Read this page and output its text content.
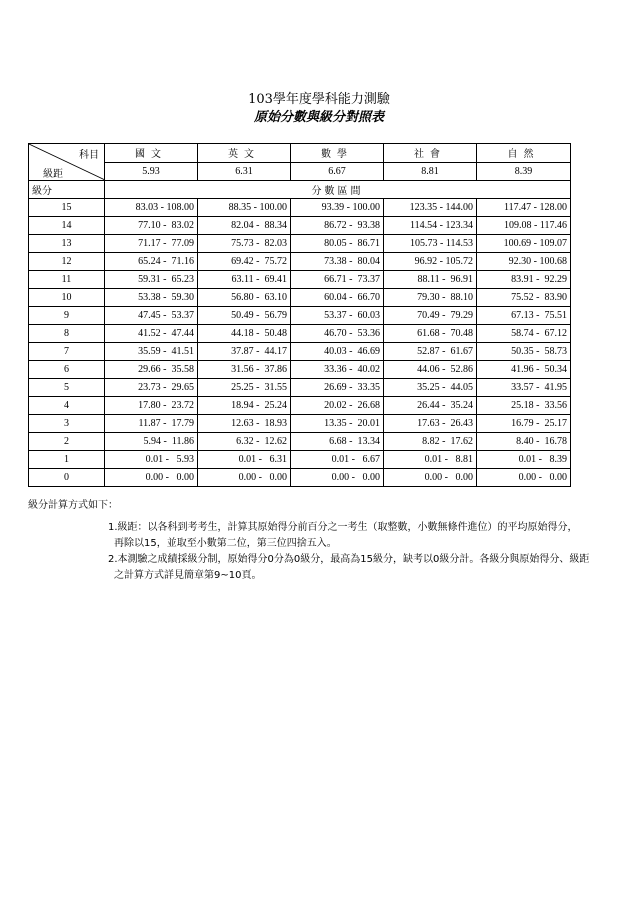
103學年度學科能力測驗
原始分數與級分對照表
科目
級距	國文	英文	數學	社會	自然
	5.93	6.31	6.67	8.81	8.39
級分	分數區間				
15	83.03 - 108.00	88.35 - 100.00	93.39 - 100.00	123.35 - 144.00	117.47 - 128.00
14	77.10 -  83.02	82.04 -  88.34	86.72 -  93.38	114.54 - 123.34	109.08 - 117.46
13	71.17 -  77.09	75.73 -  82.03	80.05 -  86.71	105.73 - 114.53	100.69 - 109.07
12	65.24 -  71.16	69.42 -  75.72	73.38 -  80.04	96.92 - 105.72	92.30 - 100.68
11	59.31 -  65.23	63.11 -  69.41	66.71 -  73.37	88.11 -  96.91	83.91 -  92.29
10	53.38 -  59.30	56.80 -  63.10	60.04 -  66.70	79.30 -  88.10	75.52 -  83.90
9	47.45 -  53.37	50.49 -  56.79	53.37 -  60.03	70.49 -  79.29	67.13 -  75.51
8	41.52 -  47.44	44.18 -  50.48	46.70 -  53.36	61.68 -  70.48	58.74 -  67.12
7	35.59 -  41.51	37.87 -  44.17	40.03 -  46.69	52.87 -  61.67	50.35 -  58.73
6	29.66 -  35.58	31.56 -  37.86	33.36 -  40.02	44.06 -  52.86	41.96 -  50.34
5	23.73 -  29.65	25.25 -  31.55	26.69 -  33.35	35.25 -  44.05	33.57 -  41.95
4	17.80 -  23.72	18.94 -  25.24	20.02 -  26.68	26.44 -  35.24	25.18 -  33.56
3	11.87 -  17.79	12.63 -  18.93	13.35 -  20.01	17.63 -  26.43	16.79 -  25.17
2	5.94 -  11.86	6.32 -  12.62	6.68 -  13.34	8.82 -  17.62	8.40 -  16.78
1	0.01 -   5.93	0.01 -   6.31	0.01 -   6.67	0.01 -   8.81	0.01 -   8.39
0	0.00 -   0.00	0.00 -   0.00	0.00 -   0.00	0.00 -   0.00	0.00 -   0.00
級分計算方式如下：
1.級距：以各科到考考生，計算其原始得分前百分之一考生（取整數，小數無條件進位）的平均原始得分，再除以15，並取至小數第二位，第三位四捨五入。
2.本測驗之成績採級分制，原始得分0分為0級分，最高為15級分，缺考以0級分計。各級分與原始得分、級距之計算方式詳見簡章第9~10頁。
